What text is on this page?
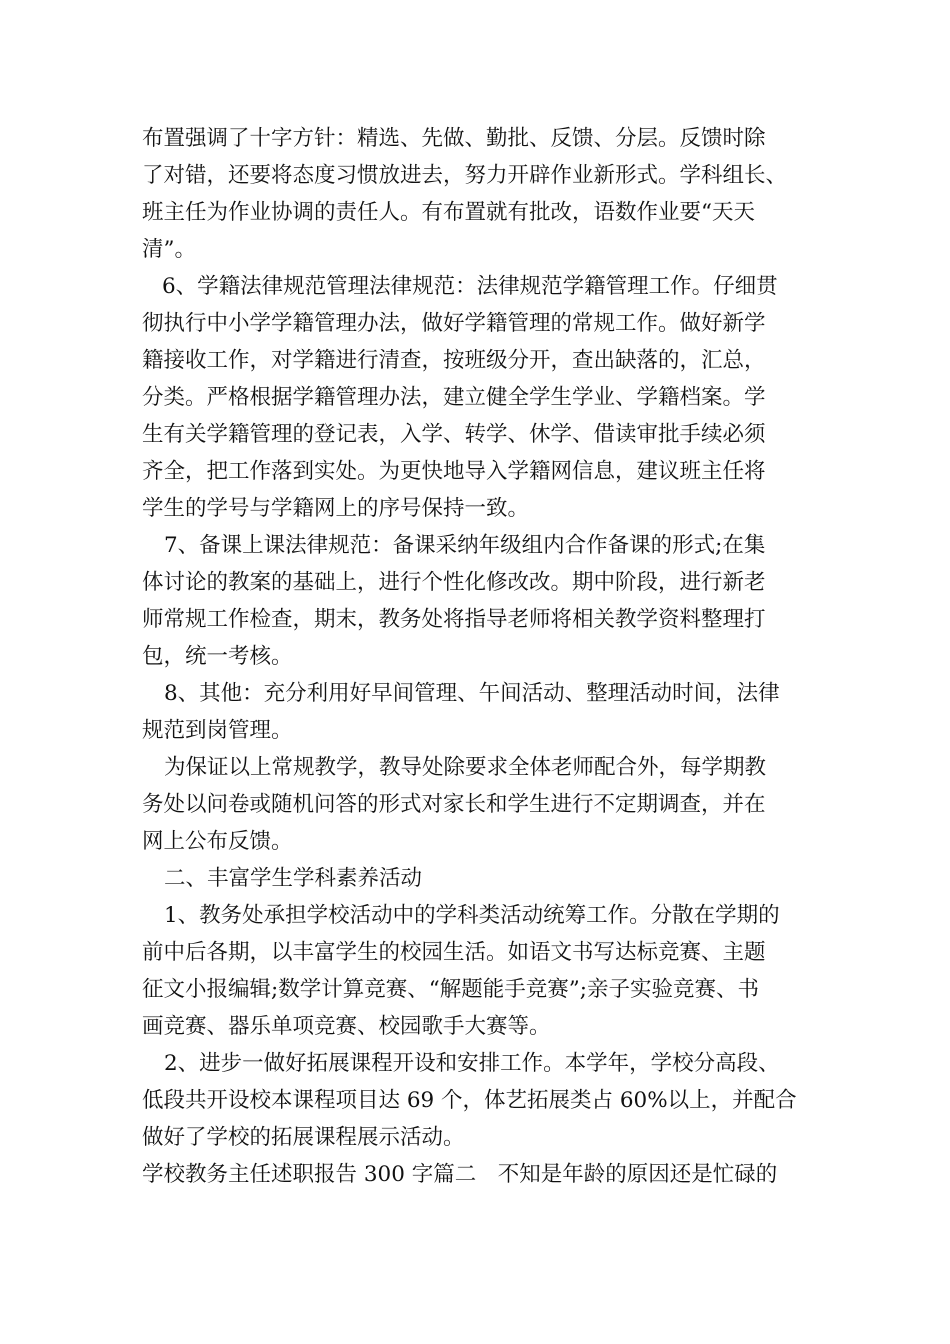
布置强调了十字方针：精选、先做、勤批、反馈、分层。反馈时除
了对错，还要将态度习惯放进去，努力开辟作业新形式。学科组长、
班主任为作业协调的责任人。有布置就有批改，语数作业要“天天
清”。
6、学籍法律规范管理法律规范：法律规范学籍管理工作。仔细贯
彻执行中小学学籍管理办法，做好学籍管理的常规工作。做好新学
籍接收工作，对学籍进行清查，按班级分开，查出缺落的，汇总，
分类。严格根据学籍管理办法，建立健全学生学业、学籍档案。学
生有关学籍管理的登记表，入学、转学、休学、借读审批手续必须
齐全，把工作落到实处。为更快地导入学籍网信息，建议班主任将
学生的学号与学籍网上的序号保持一致。
7、备课上课法律规范：备课采纳年级组内合作备课的形式;在集
体讨论的教案的基础上，进行个性化修改改。期中阶段，进行新老
师常规工作检查，期末，教务处将指导老师将相关教学资料整理打
包，统一考核。
8、其他：充分利用好早间管理、午间活动、整理活动时间，法律
规范到岗管理。
为保证以上常规教学，教导处除要求全体老师配合外，每学期教
务处以问卷或随机问答的形式对家长和学生进行不定期调查，并在
网上公布反馈。
二、丰富学生学科素养活动
1、教务处承担学校活动中的学科类活动统筹工作。分散在学期的
前中后各期，以丰富学生的校园生活。如语文书写达标竞赛、主题
征文小报编辑;数学计算竞赛、“解题能手竞赛”;亲子实验竞赛、书
画竞赛、器乐单项竞赛、校园歌手大赛等。
2、进步一做好拓展课程开设和安排工作。本学年，学校分高段、
低段共开设校本课程项目达 69 个，体艺拓展类占 60%以上，并配合
做好了学校的拓展课程展示活动。
学校教务主任述职报告 300 字篇二　不知是年龄的原因还是忙碌的
